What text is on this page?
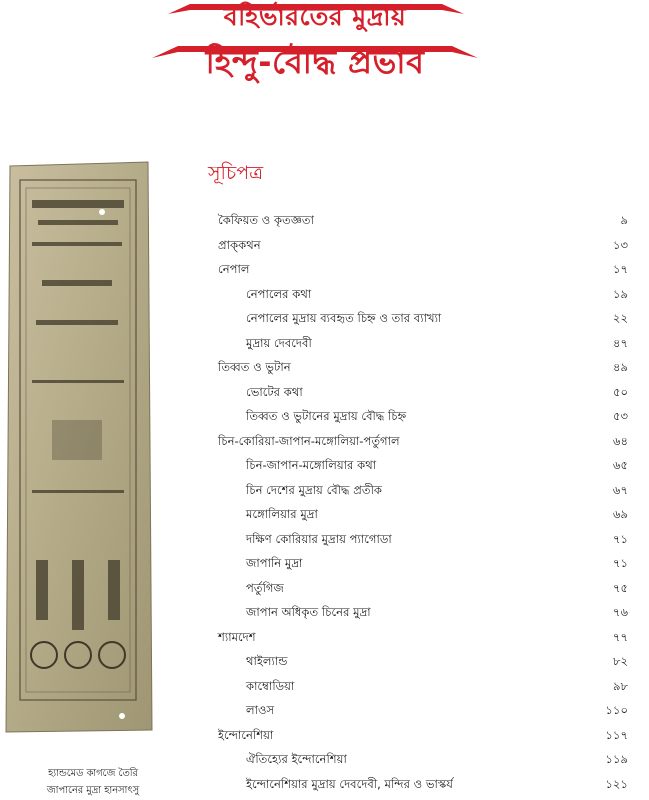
বহির্ভারতের মুদ্রায়
হিন্দু-বৌদ্ধ প্রভাব
হ্যান্ডমেড কাগজে তৈরি
জাপানের মুদ্রা হানসাৎসু
সূচিপত্র
কৈফিয়ত ও কৃতজ্ঞতা	৯
প্রাক্‌কথন	১৩
নেপাল	১৭
নেপালের কথা	১৯
নেপালের মুদ্রায় ব্যবহৃত চিহ্ন ও তার ব্যাখ্যা	২২
মুদ্রায় দেবদেবী	৪৭
তিব্বত ও ভুটান	৪৯
ভোটের কথা	৫০
তিব্বত ও ভুটানের মুদ্রায় বৌদ্ধ চিহ্ন	৫৩
চিন-কোরিয়া-জাপান-মঙ্গোলিয়া-পর্তুগাল	৬৪
চিন-জাপান-মঙ্গোলিয়ার কথা	৬৫
চিন দেশের মুদ্রায় বৌদ্ধ প্রতীক	৬৭
মঙ্গোলিয়ার মুদ্রা	৬৯
দক্ষিণ কোরিয়ার মুদ্রায় প্যাগোডা	৭১
জাপানি মুদ্রা	৭১
পর্তুগিজ	৭৫
জাপান অধিকৃত চিনের মুদ্রা	৭৬
শ্যামদেশ	৭৭
থাইল্যান্ড	৮২
কাম্বোডিয়া	৯৮
লাওস	১১০
ইন্দোনেশিয়া	১১৭
ঐতিহ্যের ইন্দোনেশিয়া	১১৯
ইন্দোনেশিয়ার মুদ্রায় দেবদেবী, মন্দির ও ভাস্কর্য	১২১
